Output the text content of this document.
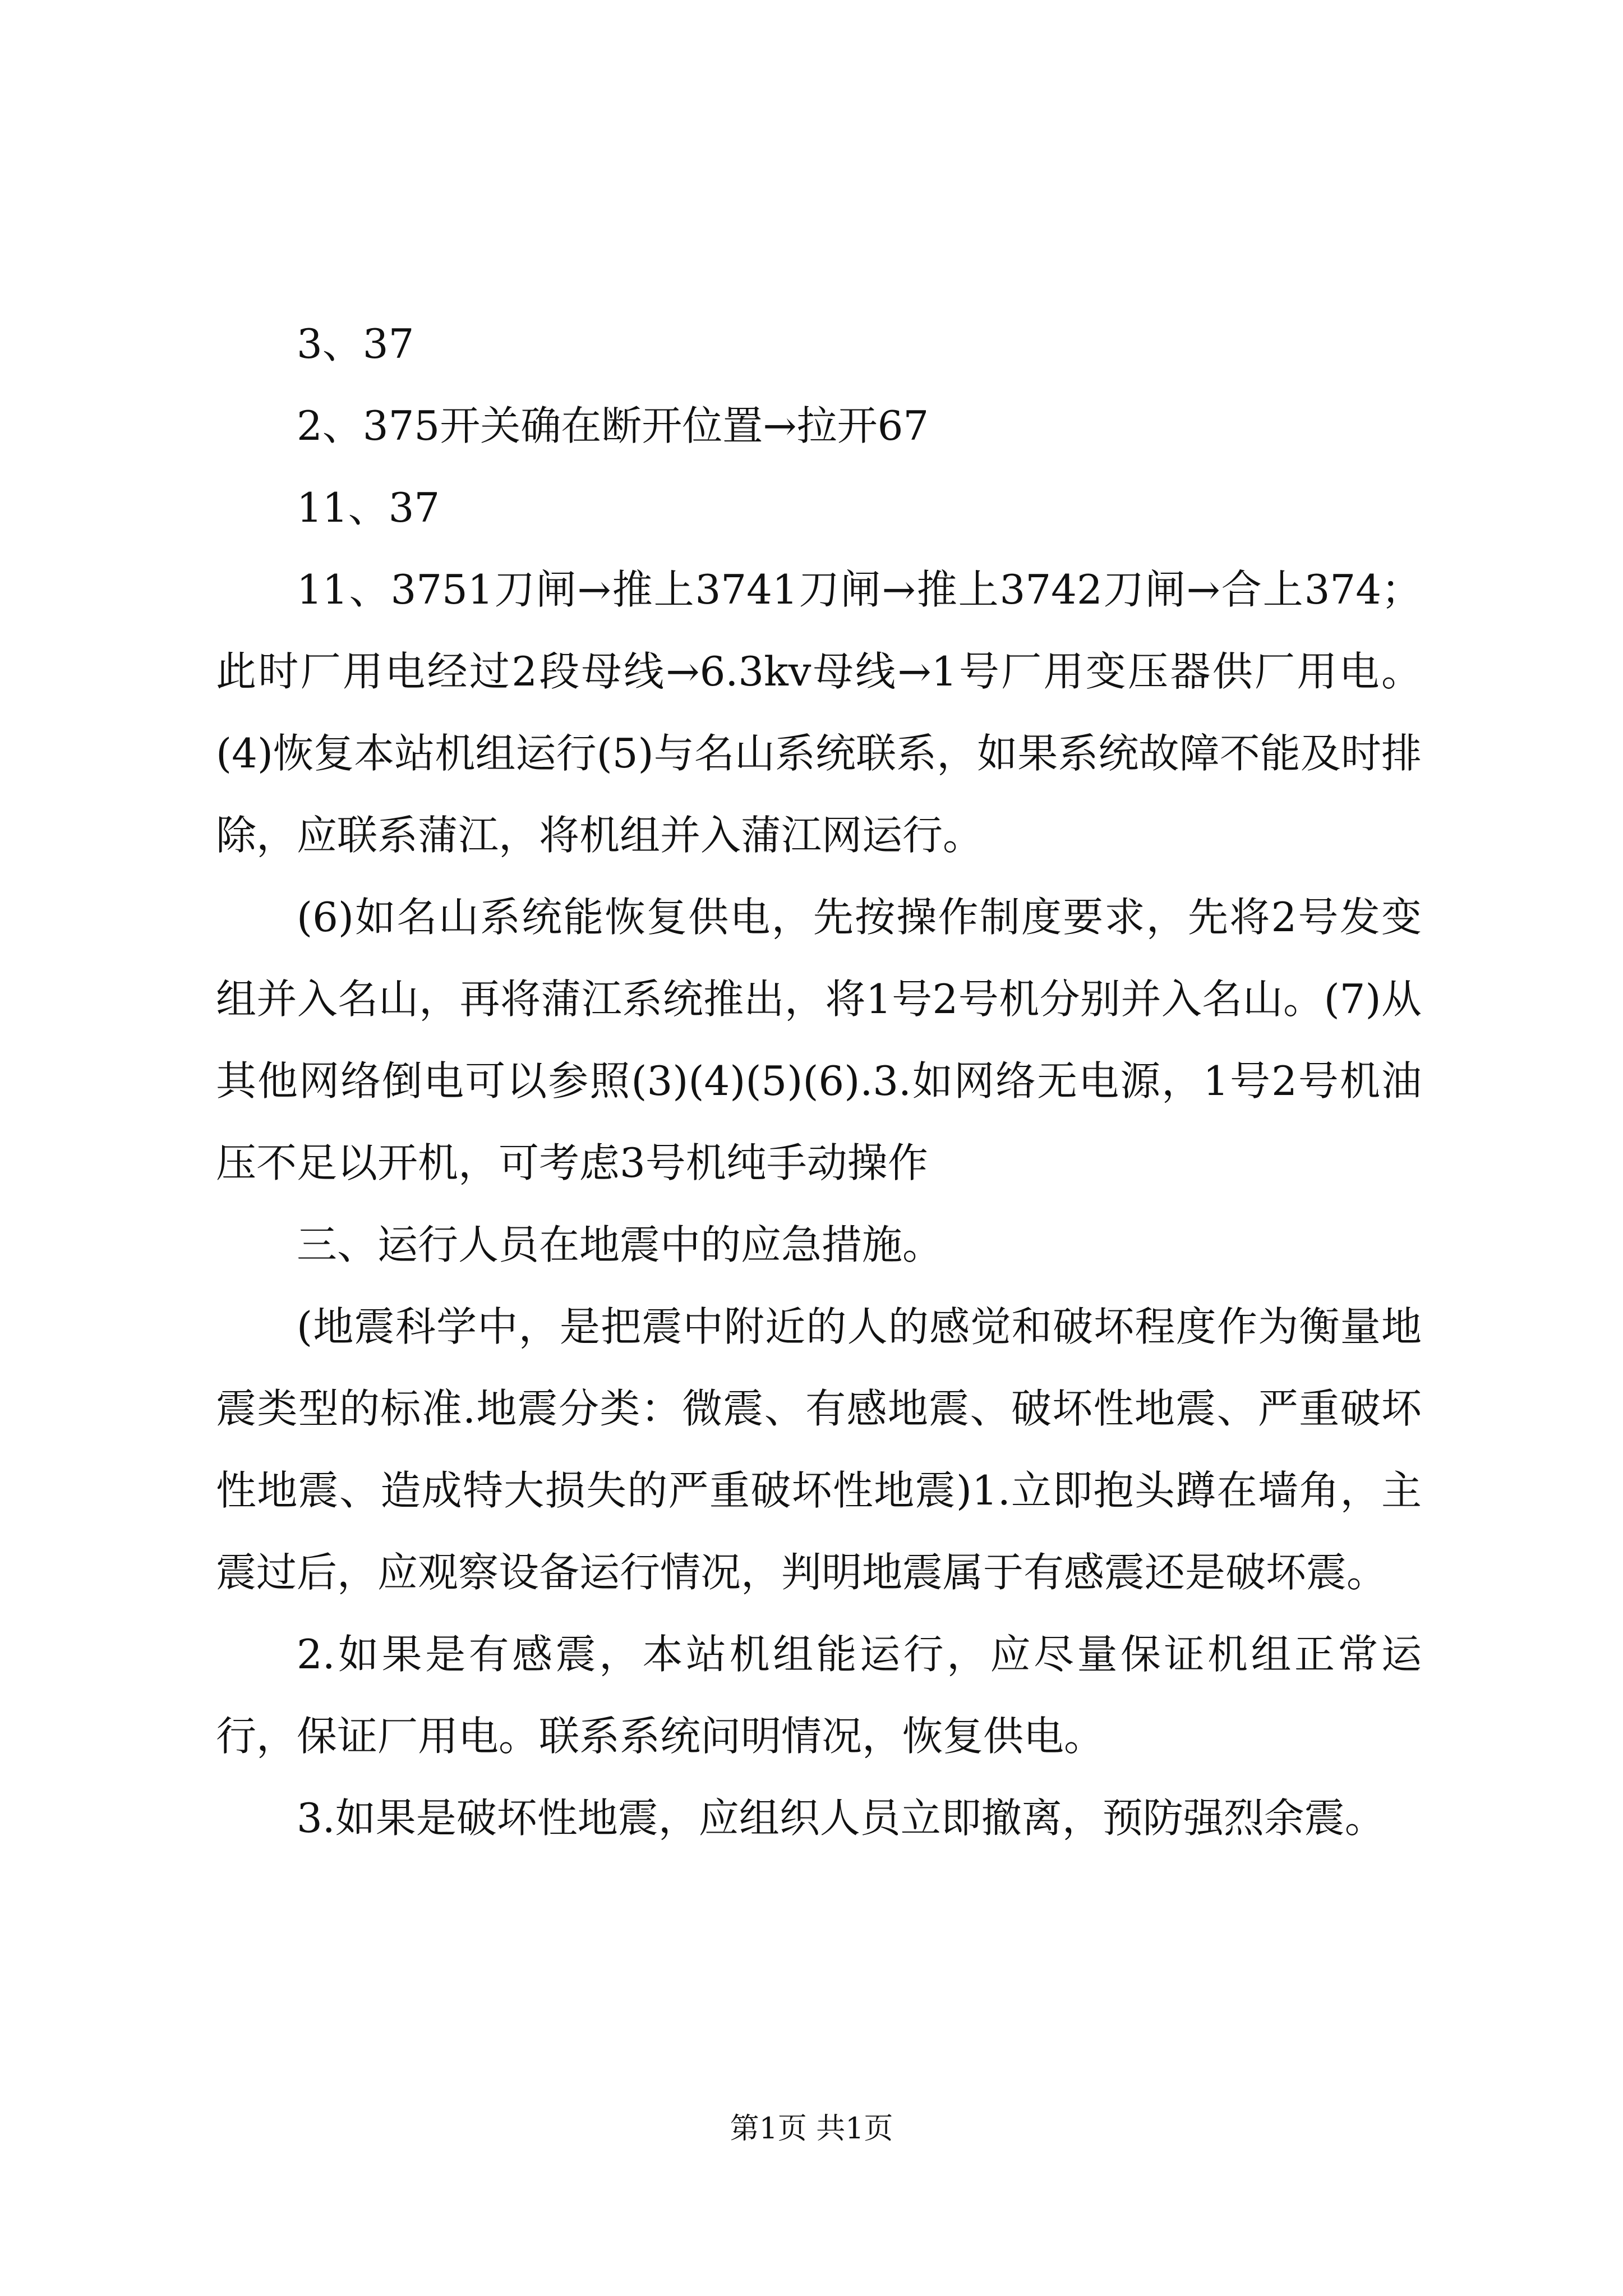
3、37

2、375开关确在断开位置→拉开67

11、37

11、3751刀闸→推上3741刀闸→推上3742刀闸→合上374；此时厂用电经过2段母线→6.3kv母线→1号厂用变压器供厂用电。(4)恢复本站机组运行(5)与名山系统联系，如果系统故障不能及时排除，应联系蒲江，将机组并入蒲江网运行。

(6)如名山系统能恢复供电，先按操作制度要求，先将2号发变组并入名山，再将蒲江系统推出，将1号2号机分别并入名山。(7)从其他网络倒电可以参照(3)(4)(5)(6).3.如网络无电源，1号2号机油压不足以开机，可考虑3号机纯手动操作

三、运行人员在地震中的应急措施。

(地震科学中，是把震中附近的人的感觉和破坏程度作为衡量地震类型的标准.地震分类：微震、有感地震、破坏性地震、严重破坏性地震、造成特大损失的严重破坏性地震)1.立即抱头蹲在墙角，主震过后，应观察设备运行情况，判明地震属于有感震还是破坏震。

2.如果是有感震，本站机组能运行，应尽量保证机组正常运行，保证厂用电。联系系统问明情况，恢复供电。

3.如果是破坏性地震，应组织人员立即撤离，预防强烈余震。

第1页 共1页
